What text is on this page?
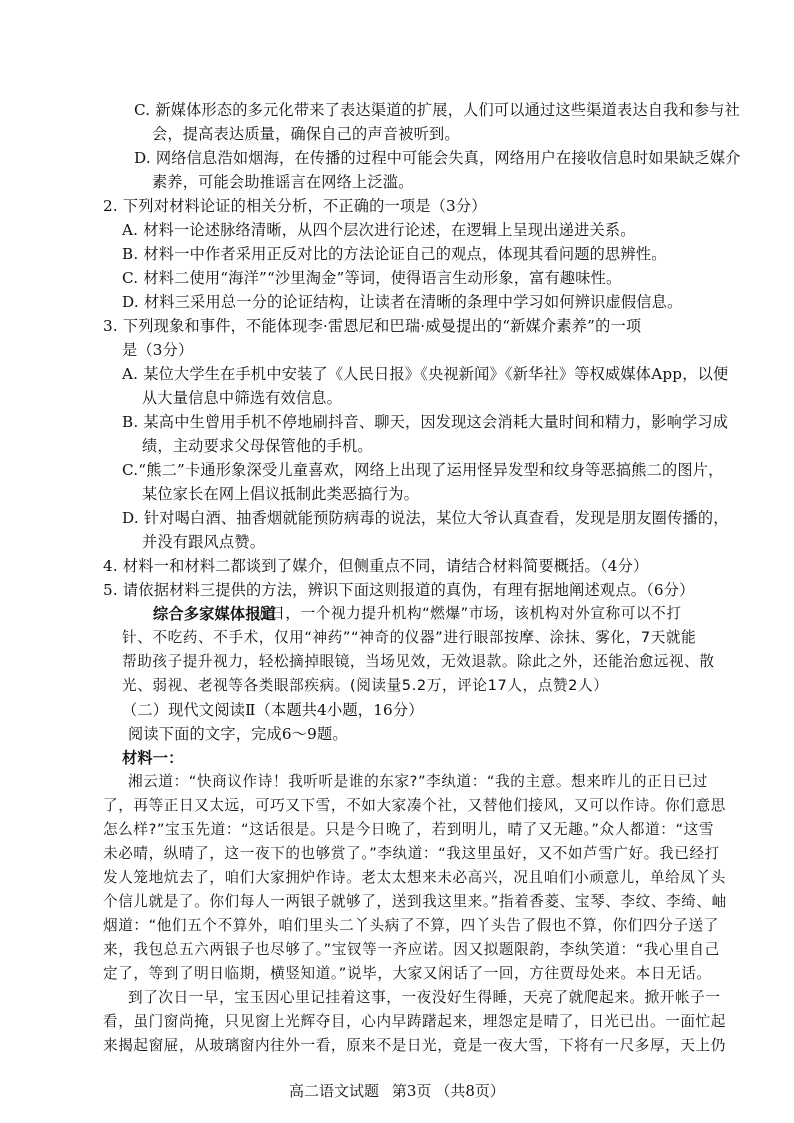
C. 新媒体形态的多元化带来了表达渠道的扩展，人们可以通过这些渠道表达自我和参与社
会，提高表达质量，确保自己的声音被听到。
D. 网络信息浩如烟海，在传播的过程中可能会失真，网络用户在接收信息时如果缺乏媒介
素养，可能会助推谣言在网络上泛滥。
2. 下列对材料论证的相关分析，不正确的一项是（3分）
A. 材料一论述脉络清晰，从四个层次进行论述，在逻辑上呈现出递进关系。
B. 材料一中作者采用正反对比的方法论证自己的观点，体现其看问题的思辨性。
C. 材料二使用“海洋”“沙里淘金”等词，使得语言生动形象，富有趣味性。
D. 材料三采用总一分的论证结构，让读者在清晰的条理中学习如何辨识虚假信息。
3. 下列现象和事件，不能体现李·雷恩尼和巴瑞·威曼提出的“新媒介素养”的一项
是（3分）
A. 某位大学生在手机中安装了《人民日报》《央视新闻》《新华社》等权威媒体App，以便
从大量信息中筛选有效信息。
B. 某高中生曾用手机不停地刷抖音、聊天，因发现这会消耗大量时间和精力，影响学习成
绩，主动要求父母保管他的手机。
C.“熊二”卡通形象深受儿童喜欢，网络上出现了运用怪异发型和纹身等恶搞熊二的图片，
某位家长在网上倡议抵制此类恶搞行为。
D. 针对喝白酒、抽香烟就能预防病毒的说法，某位大爷认真查看，发现是朋友圈传播的，
并没有跟风点赞。
4. 材料一和材料二都谈到了媒介，但侧重点不同，请结合材料简要概括。（4分）
5. 请依据材料三提供的方法，辨识下面这则报道的真伪，有理有据地阐述观点。（6分）
近日，一个视力提升机构“燃爆”市场，该机构对外宣称可以不打
针、不吃药、不手术，仅用“神药”“神奇的仪器”进行眼部按摩、涂抹、雾化，7天就能
帮助孩子提升视力，轻松摘掉眼镜，当场见效，无效退款。除此之外，还能治愈远视、散
光、弱视、老视等各类眼部疾病。(阅读量5.2万，评论17人，点赞2人）
（二）现代文阅读Ⅱ（本题共4小题，16分）
阅读下面的文字，完成6～9题。
湘云道：“快商议作诗！我听听是谁的东家?”李纨道：“我的主意。想来昨儿的正日已过
了，再等正日又太远，可巧又下雪，不如大家凑个社，又替他们接风，又可以作诗。你们意思
怎么样?”宝玉先道：“这话很是。只是今日晚了，若到明儿，晴了又无趣。”众人都道：“这雪
未必晴，纵晴了，这一夜下的也够赏了。”李纨道：“我这里虽好，又不如芦雪广好。我已经打
发人笼地炕去了，咱们大家拥炉作诗。老太太想来未必高兴，况且咱们小顽意儿，单给凤丫头
个信儿就是了。你们每人一两银子就够了，送到我这里来。”指着香菱、宝琴、李纹、李绮、岫
烟道：“他们五个不算外，咱们里头二丫头病了不算，四丫头告了假也不算，你们四分子送了
来，我包总五六两银子也尽够了。”宝钗等一齐应诺。因又拟题限韵，李纨笑道：“我心里自己
定了，等到了明日临期，横竖知道。”说毕，大家又闲话了一回，方往贾母处来。本日无话。
到了次日一早，宝玉因心里记挂着这事，一夜没好生得睡，天亮了就爬起来。掀开帐子一
看，虽门窗尚掩，只见窗上光辉夺目，心内早踌躇起来，埋怨定是晴了，日光已出。一面忙起
来揭起窗屉，从玻璃窗内往外一看，原来不是日光，竟是一夜大雪，下将有一尺多厚，天上仍
综合多家媒体报道
材料一：
高二语文试题 第3页 （共8页）
